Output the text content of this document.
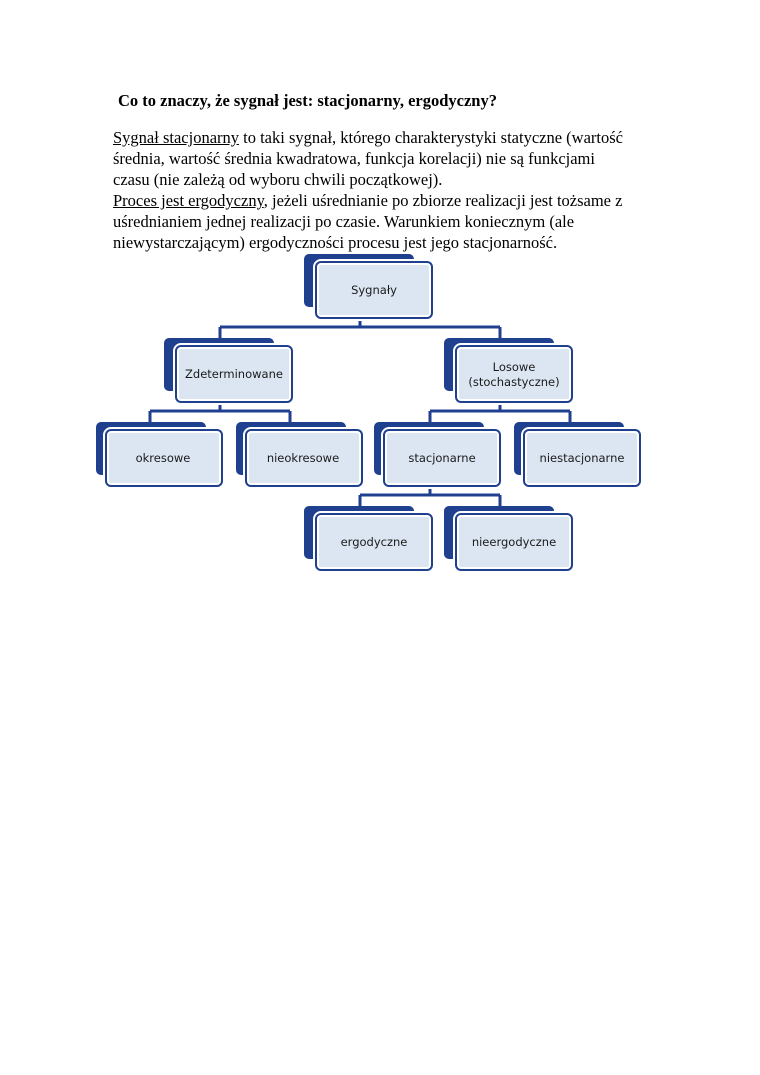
Co to znaczy, że sygnał jest: stacjonarny, ergodyczny?
Sygnał stacjonarny to taki sygnał, którego charakterystyki statyczne (wartość
średnia, wartość średnia kwadratowa, funkcja korelacji) nie są funkcjami
czasu (nie zależą od wyboru chwili początkowej).
Proces jest ergodyczny, jeżeli uśrednianie po zbiorze realizacji jest tożsame z
uśrednianiem jednej realizacji po czasie. Warunkiem koniecznym (ale
niewystarczającym) ergodyczności procesu jest jego stacjonarność.
Sygnały
Zdeterminowane	Losowe
(stochastyczne)
okresowe	nieokresowe	stacjonarne	niestacjonarne
ergodyczne	nieergodyczne
